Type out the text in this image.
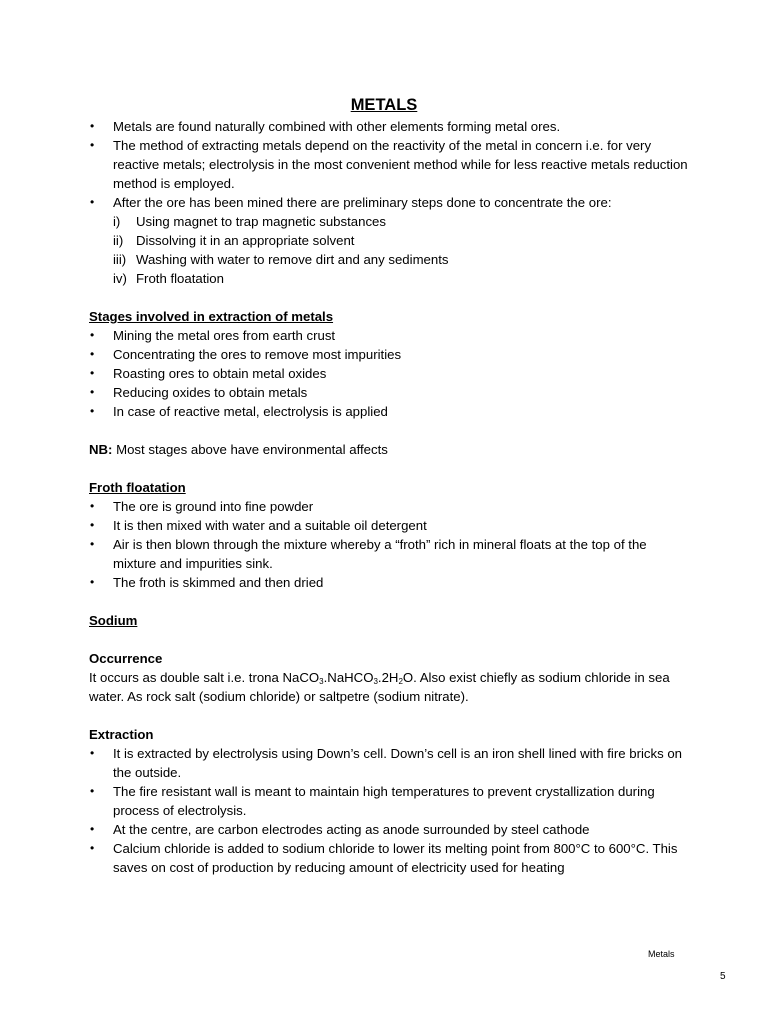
METALS
• Metals are found naturally combined with other elements forming metal ores.
• The method of extracting metals depend on the reactivity of the metal in concern i.e. for very reactive metals; electrolysis in the most convenient method while for less reactive metals reduction method is employed.
• After the ore has been mined there are preliminary steps done to concentrate the ore:
i) Using magnet to trap magnetic substances
ii) Dissolving it in an appropriate solvent
iii) Washing with water to remove dirt and any sediments
iv) Froth floatation
Stages involved in extraction of metals
• Mining the metal ores from earth crust
• Concentrating the ores to remove most impurities
• Roasting ores to obtain metal oxides
• Reducing oxides to obtain metals
• In case of reactive metal, electrolysis is applied
NB: Most stages above have environmental affects
Froth floatation
• The ore is ground into fine powder
• It is then mixed with water and a suitable oil detergent
• Air is then blown through the mixture whereby a “froth” rich in mineral floats at the top of the mixture and impurities sink.
• The froth is skimmed and then dried
Sodium
Occurrence
It occurs as double salt i.e. trona $NaCO_3.NaHCO_3.2H_2O$. Also exist chiefly as sodium chloride in sea water. As rock salt (sodium chloride) or saltpetre (sodium nitrate).
Extraction
• It is extracted by electrolysis using Down’s cell. Down’s cell is an iron shell lined with fire bricks on the outside.
• The fire resistant wall is meant to maintain high temperatures to prevent crystallization during process of electrolysis.
• At the centre, are carbon electrodes acting as anode surrounded by steel cathode
• Calcium chloride is added to sodium chloride to lower its melting point from 800°C to 600°C. This saves on cost of production by reducing amount of electricity used for heating
Metals
5
